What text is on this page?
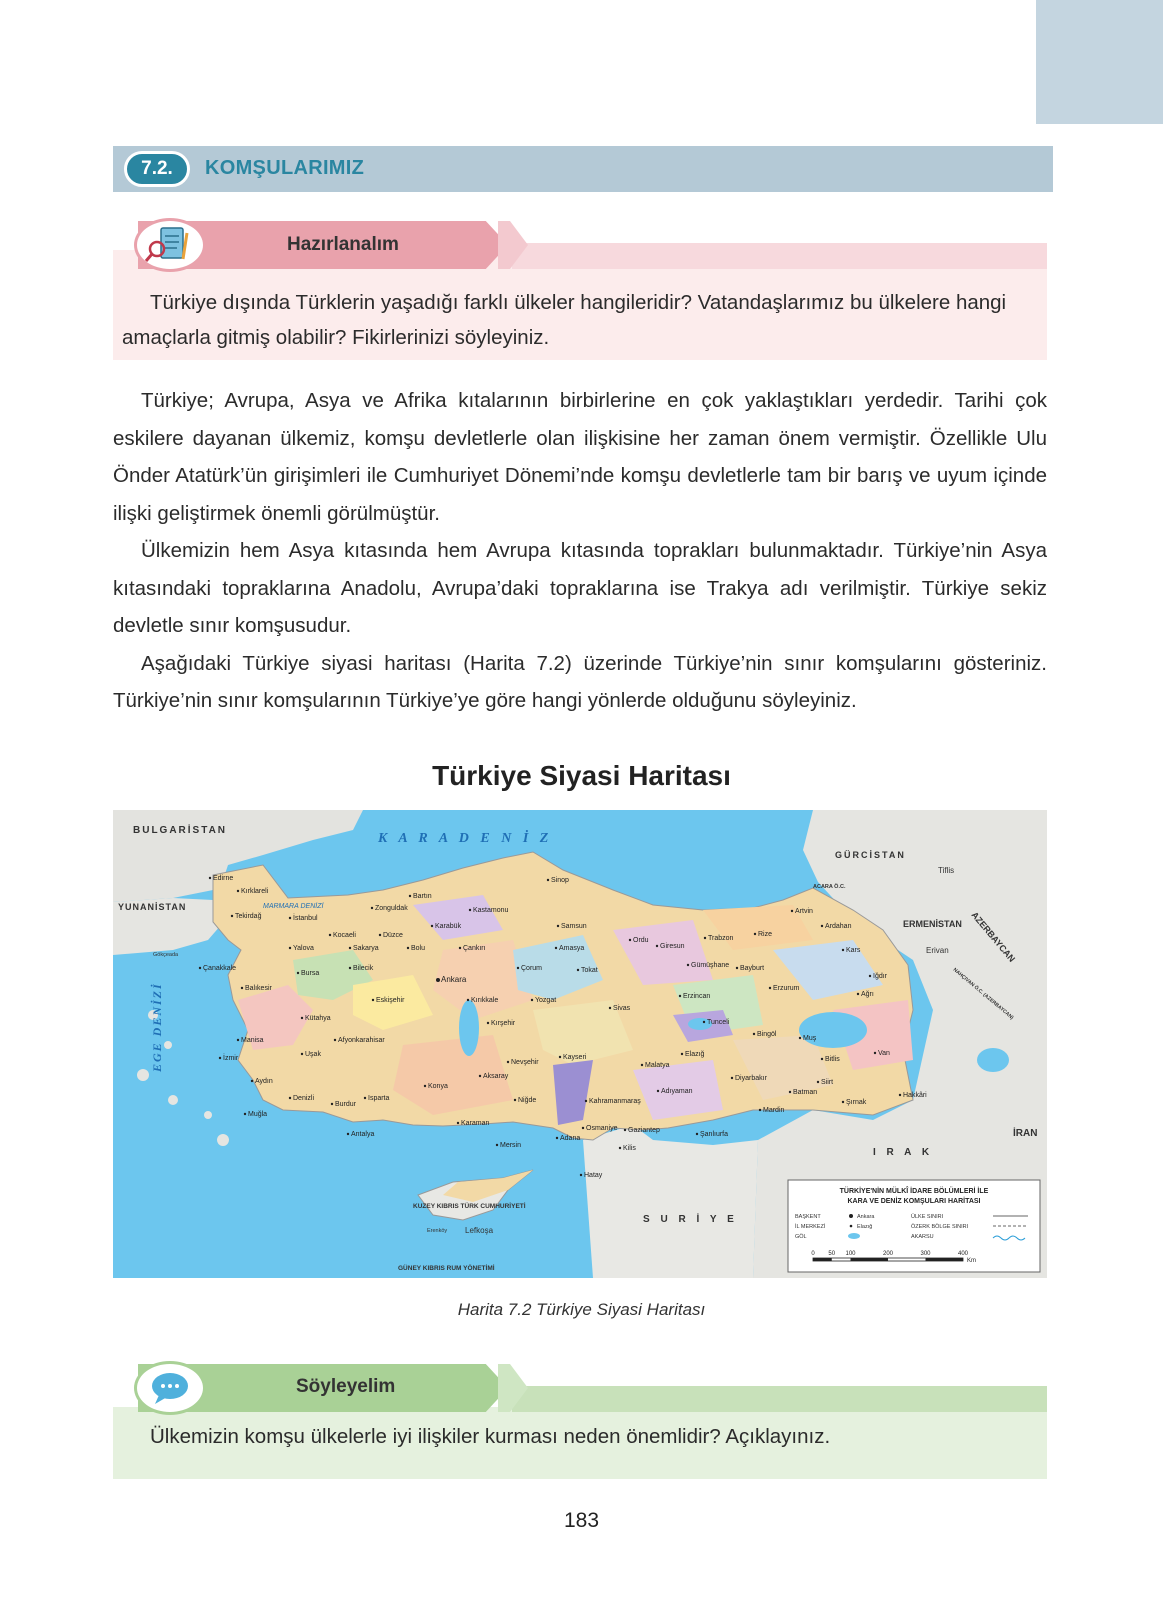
7.2.	KOMŞULARIMIZ
Hazırlanalım
Türkiye dışında Türklerin yaşadığı farklı ülkeler hangileridir? Vatandaşlarımız bu ülkelere hangi amaçlarla gitmiş olabilir? Fikirlerinizi söyleyiniz.

Türkiye; Avrupa, Asya ve Afrika kıtalarının birbirlerine en çok yaklaştıkları yerdedir. Tarihi çok eskilere dayanan ülkemiz, komşu devletlerle olan ilişkisine her zaman önem vermiştir. Özellikle Ulu Önder Atatürk’ün girişimleri ile Cumhuriyet Dönemi’nde komşu devletlerle tam bir barış ve uyum içinde ilişki geliştirmek önemli görülmüştür.

Ülkemizin hem Asya kıtasında hem Avrupa kıtasında toprakları bulunmaktadır. Türkiye’nin Asya kıtasındaki topraklarına Anadolu, Avrupa’daki topraklarına ise Trakya adı verilmiştir. Türkiye sekiz devletle sınır komşusudur.

Aşağıdaki Türkiye siyasi haritası (Harita 7.2) üzerinde Türkiye’nin sınır komşularını gösteriniz. Türkiye’nin sınır komşularının Türkiye’ye göre hangi yönlerde olduğunu söyleyiniz.

Türkiye Siyasi Haritası
K A R A D E N İ Z
EGE DENİZİ
MARMARA DENİZİ
BULGARİSTAN
YUNANİSTAN
GÜRCİSTAN
ERMENİSTAN AZERBAYCAN
İRAN
I R A K
S U R İ Y E
NAHÇIVAN Ö.C. (AZERBAYCAN)
ACARA Ö.C.
KUZEY KIBRIS TÜRK CUMHURİYETİ
GÜNEY KIBRIS RUM YÖNETİMİ
Tiflis
Erivan
Lefkoşa
Erenköy
Gökçeada
Edirne
Kırklareli
Tekirdağ	İstanbul
Çanakkale
Balıkesir
Bursa
Yalova
Kocaeli
Sakarya
Düzce
Bolu
Bilecik
Zonguldak
Bartın
Karabük
Kastamonu
Sinop
Samsun
Çankırı
Ankara
Eskişehir
Kütahya
Manisa
İzmir
Aydın
Muğla
Denizli
Uşak
Afyonkarahisar
Burdur
Isparta
Antalya
Konya
Karaman
Aksaray
Niğde
Nevşehir
Kırşehir
Kırıkkale	Yozgat
Çorum
Amasya
Tokat
Sivas
Kayseri
Ordu
Giresun
Trabzon
Rize
Artvin
Ardahan
Kars
Iğdır
Ağrı
Erzurum
Bayburt
Gümüşhane
Erzincan
Tunceli
Bingöl
Muş
Bitlis
Van
Elazığ
Malatya
Adıyaman
Diyarbakır
Batman
Siirt
Şırnak
Hakkâri
Mardin
Şanlıurfa
Gaziantep
Kilis
Osmaniye
Adana
Mersin
Hatay
Kahramanmaraş
TÜRKİYE'NİN MÜLKÎ İDARE BÖLÜMLERİ İLE
KARA VE DENİZ KOMŞULARI HARİTASI
BAŞKENT	Ankara
İL MERKEZİ	Elazığ
GÖL
ÜLKE SINIRI
ÖZERK BÖLGE SINIRI
AKARSU
0 50 100	200	300	400
Km
Harita 7.2 Türkiye Siyasi Haritası
Söyleyelim
Ülkemizin komşu ülkelerle iyi ilişkiler kurması neden önemlidir? Açıklayınız.
183
